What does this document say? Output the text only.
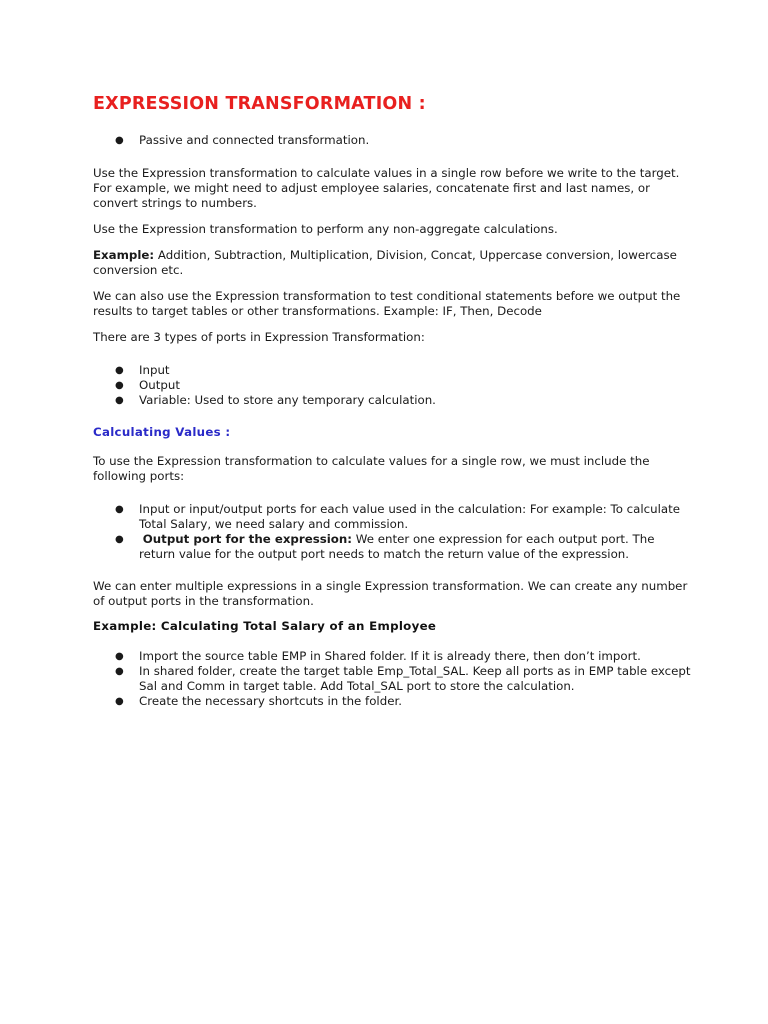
EXPRESSION TRANSFORMATION :
● Passive and connected transformation.

Use the Expression transformation to calculate values in a single row before we write to the target. For example, we might need to adjust employee salaries, concatenate first and last names, or convert strings to numbers.

Use the Expression transformation to perform any non-aggregate calculations.

Example: Addition, Subtraction, Multiplication, Division, Concat, Uppercase conversion, lowercase conversion etc.

We can also use the Expression transformation to test conditional statements before we output the results to target tables or other transformations. Example: IF, Then, Decode

There are 3 types of ports in Expression Transformation:

● Input
● Output
● Variable: Used to store any temporary calculation.
Calculating Values :

To use the Expression transformation to calculate values for a single row, we must include the following ports:

● Input or input/output ports for each value used in the calculation: For example: To calculate Total Salary, we need salary and commission.
● Output port for the expression: We enter one expression for each output port. The return value for the output port needs to match the return value of the expression.

We can enter multiple expressions in a single Expression transformation. We can create any number of output ports in the transformation.

Example: Calculating Total Salary of an Employee
● Import the source table EMP in Shared folder. If it is already there, then don’t import.
● In shared folder, create the target table Emp_Total_SAL. Keep all ports as in EMP table except Sal and Comm in target table. Add Total_SAL port to store the calculation.
● Create the necessary shortcuts in the folder.
